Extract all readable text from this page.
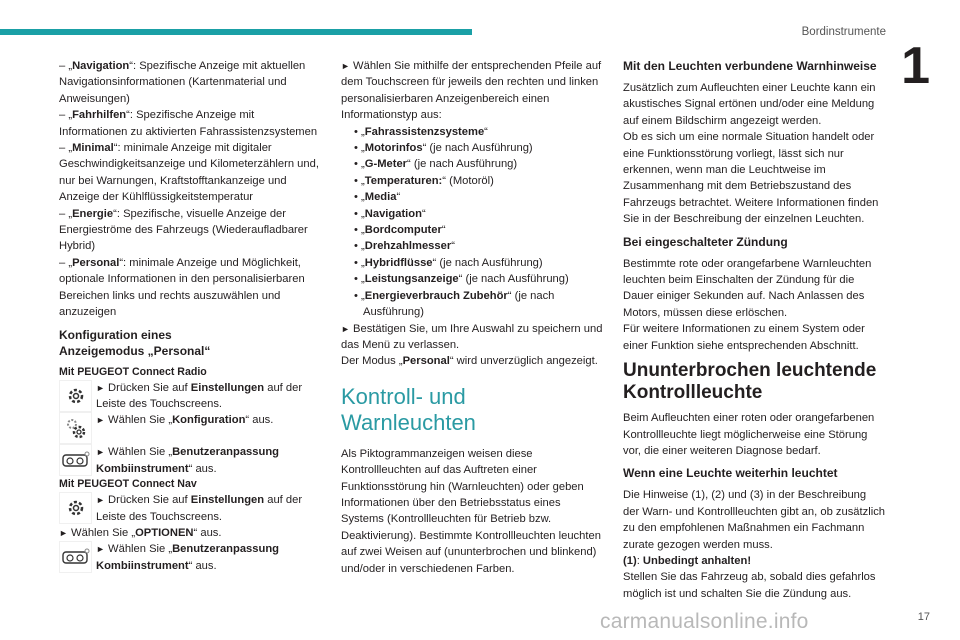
Bordinstrumente
1
17
carmanualsonline.info

– „Navigation“: Spezifische Anzeige mit aktuellen Navigationsinformationen (Kartenmaterial und Anweisungen)

– „Fahrhilfen“: Spezifische Anzeige mit Informationen zu aktivierten Fahrassistenzsystemen

– „Minimal“: minimale Anzeige mit digitaler Geschwindigkeitsanzeige und Kilometerzählern und, nur bei Warnungen, Kraftstofftankanzeige und Anzeige der Kühlflüssigkeitstemperatur

– „Energie“: Spezifische, visuelle Anzeige der Energieströme des Fahrzeugs (Wiederaufladbarer Hybrid)

– „Personal“: minimale Anzeige und Möglichkeit, optionale Informationen in den personalisierbaren Bereichen links und rechts auszuwählen und anzuzeigen

Konfiguration eines Anzeigemodus „Personal“
Mit PEUGEOT Connect Radio
► Drücken Sie auf Einstellungen auf der Leiste des Touchscreens.
► Wählen Sie „Konfiguration“ aus.
► Wählen Sie „Benutzeranpassung Kombiinstrument“ aus.
Mit PEUGEOT Connect Nav
► Drücken Sie auf Einstellungen auf der Leiste des Touchscreens.

► Wählen Sie „OPTIONEN“ aus.

► Wählen Sie „Benutzeranpassung Kombiinstrument“ aus.

► Wählen Sie mithilfe der entsprechenden Pfeile auf dem Touchscreen für jeweils den rechten und linken personalisierbaren Anzeigenbereich einen Informationstyp aus:

• „Fahrassistenzsysteme“
• „Motorinfos“ (je nach Ausführung)
• „G-Meter“ (je nach Ausführung)
• „Temperaturen:“ (Motoröl)
• „Media“
• „Navigation“
• „Bordcomputer“
• „Drehzahlmesser“
• „Hybridflüsse“ (je nach Ausführung)
• „Leistungsanzeige“ (je nach Ausführung)
• „Energieverbrauch Zubehör“ (je nach Ausführung)

► Bestätigen Sie, um Ihre Auswahl zu speichern und das Menü zu verlassen.

Der Modus „Personal“ wird unverzüglich angezeigt.

Kontroll- und Warnleuchten

Als Piktogrammanzeigen weisen diese Kontrollleuchten auf das Auftreten einer Funktionsstörung hin (Warnleuchten) oder geben Informationen über den Betriebsstatus eines Systems (Kontrollleuchten für Betrieb bzw. Deaktivierung). Bestimmte Kontrollleuchten leuchten auf zwei Weisen auf (ununterbrochen und blinkend) und/oder in verschiedenen Farben.

Mit den Leuchten verbundene Warnhinweise

Zusätzlich zum Aufleuchten einer Leuchte kann ein akustisches Signal ertönen und/oder eine Meldung auf einem Bildschirm angezeigt werden.

Ob es sich um eine normale Situation handelt oder eine Funktionsstörung vorliegt, lässt sich nur erkennen, wenn man die Leuchtweise im Zusammenhang mit dem Betriebszustand des Fahrzeugs betrachtet. Weitere Informationen finden Sie in der Beschreibung der einzelnen Leuchten.

Bei eingeschalteter Zündung

Bestimmte rote oder orangefarbene Warnleuchten leuchten beim Einschalten der Zündung für die Dauer einiger Sekunden auf. Nach Anlassen des Motors, müssen diese erlöschen.

Für weitere Informationen zu einem System oder einer Funktion siehe entsprechenden Abschnitt.

Ununterbrochen leuchtende Kontrollleuchte

Beim Aufleuchten einer roten oder orangefarbenen Kontrollleuchte liegt möglicherweise eine Störung vor, die einer weiteren Diagnose bedarf.

Wenn eine Leuchte weiterhin leuchtet

Die Hinweise (1), (2) und (3) in der Beschreibung der Warn- und Kontrollleuchten gibt an, ob zusätzlich zu den empfohlenen Maßnahmen ein Fachmann zurate gezogen werden muss.

(1): Unbedingt anhalten!

Stellen Sie das Fahrzeug ab, sobald dies gefahrlos möglich ist und schalten Sie die Zündung aus.
